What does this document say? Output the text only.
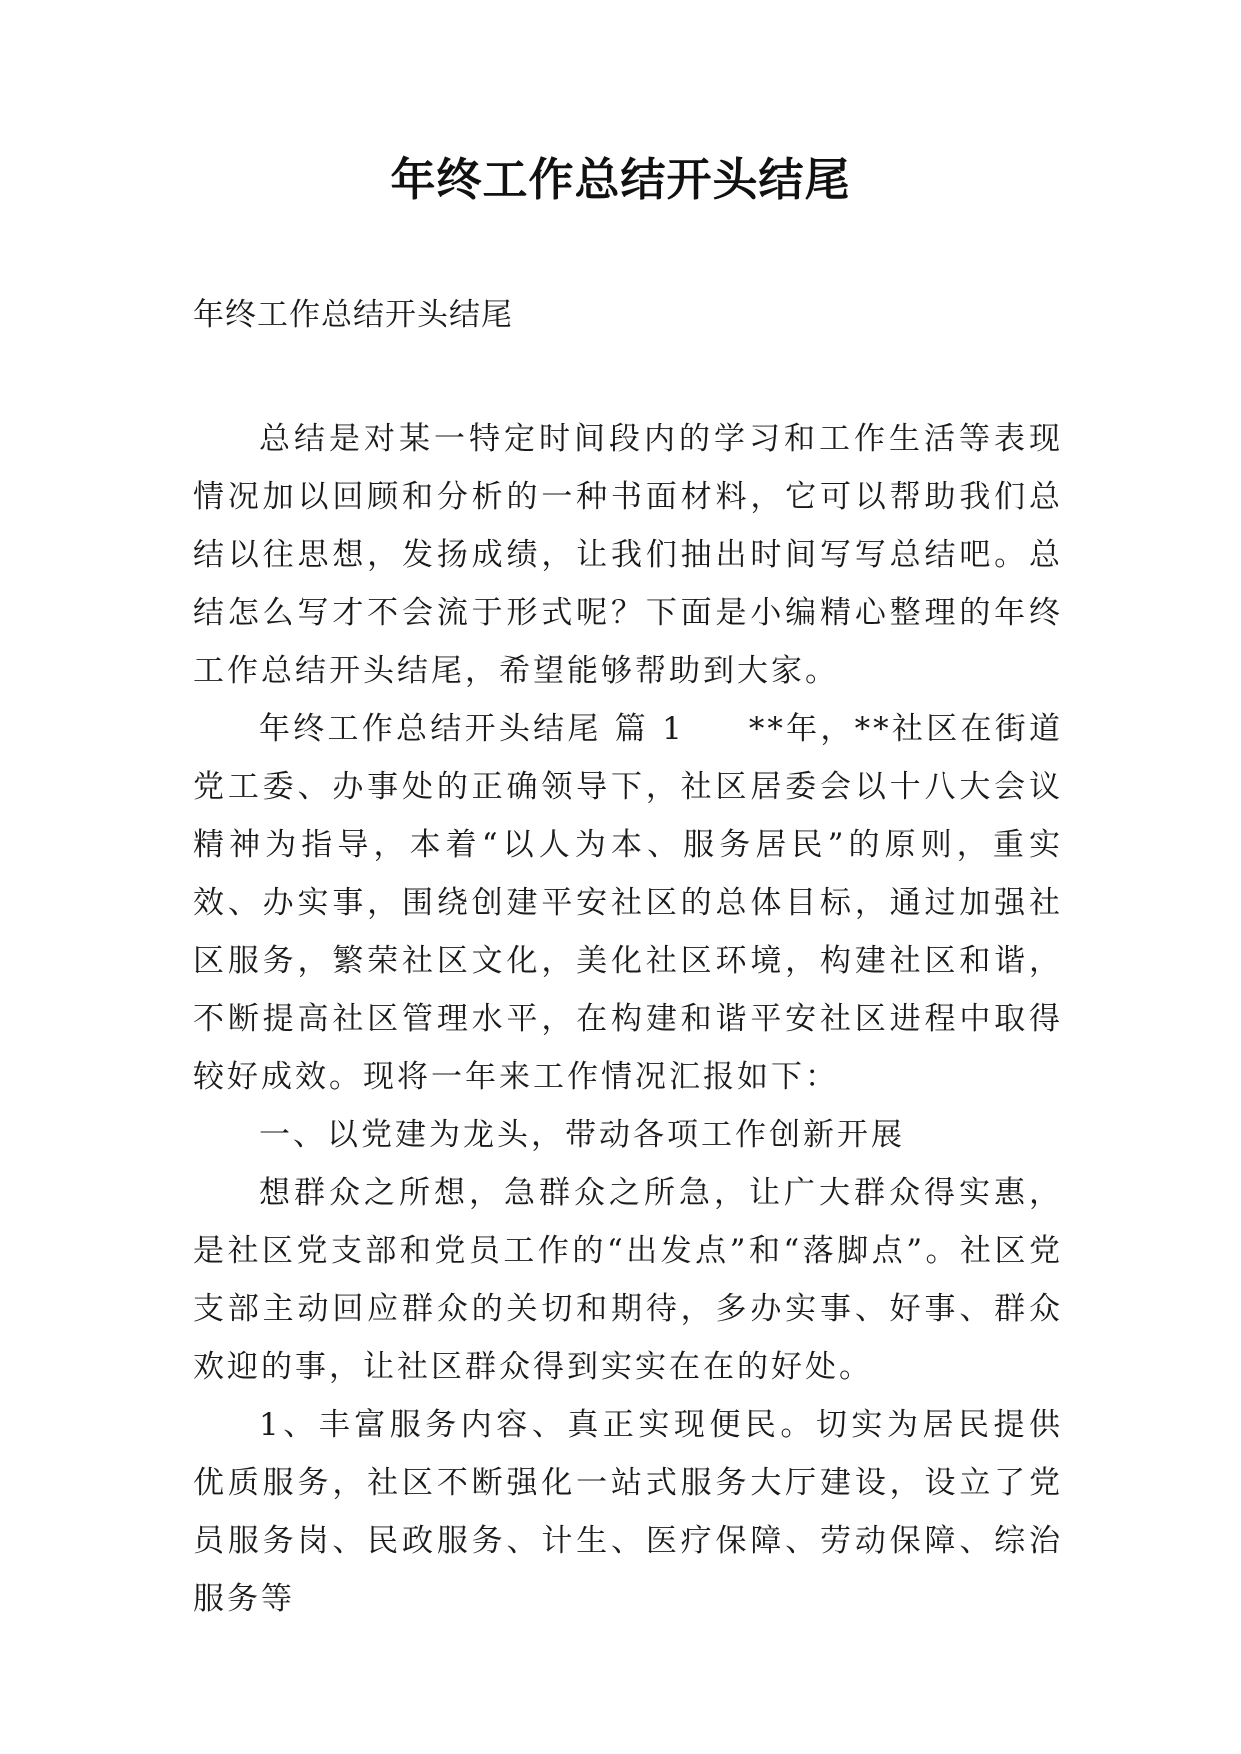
年终工作总结开头结尾
年终工作总结开头结尾

总结是对某一特定时间段内的学习和工作生活等表现情况加以回顾和分析的一种书面材料，它可以帮助我们总结以往思想，发扬成绩，让我们抽出时间写写总结吧。总结怎么写才不会流于形式呢？下面是小编精心整理的年终工作总结开头结尾，希望能够帮助到大家。

年终工作总结开头结尾 篇 1 **年，**社区在街道党工委、办事处的正确领导下，社区居委会以十八大会议精神为指导，本着“以人为本、服务居民”的原则，重实效、办实事，围绕创建平安社区的总体目标，通过加强社区服务，繁荣社区文化，美化社区环境，构建社区和谐，不断提高社区管理水平，在构建和谐平安社区进程中取得较好成效。现将一年来工作情况汇报如下：

一、以党建为龙头，带动各项工作创新开展

想群众之所想，急群众之所急，让广大群众得实惠，是社区党支部和党员工作的“出发点”和“落脚点”。社区党支部主动回应群众的关切和期待，多办实事、好事、群众欢迎的事，让社区群众得到实实在在的好处。

1、丰富服务内容、真正实现便民。切实为居民提供优质服务，社区不断强化一站式服务大厅建设，设立了党员服务岗、民政服务、计生、医疗保障、劳动保障、综治服务等
